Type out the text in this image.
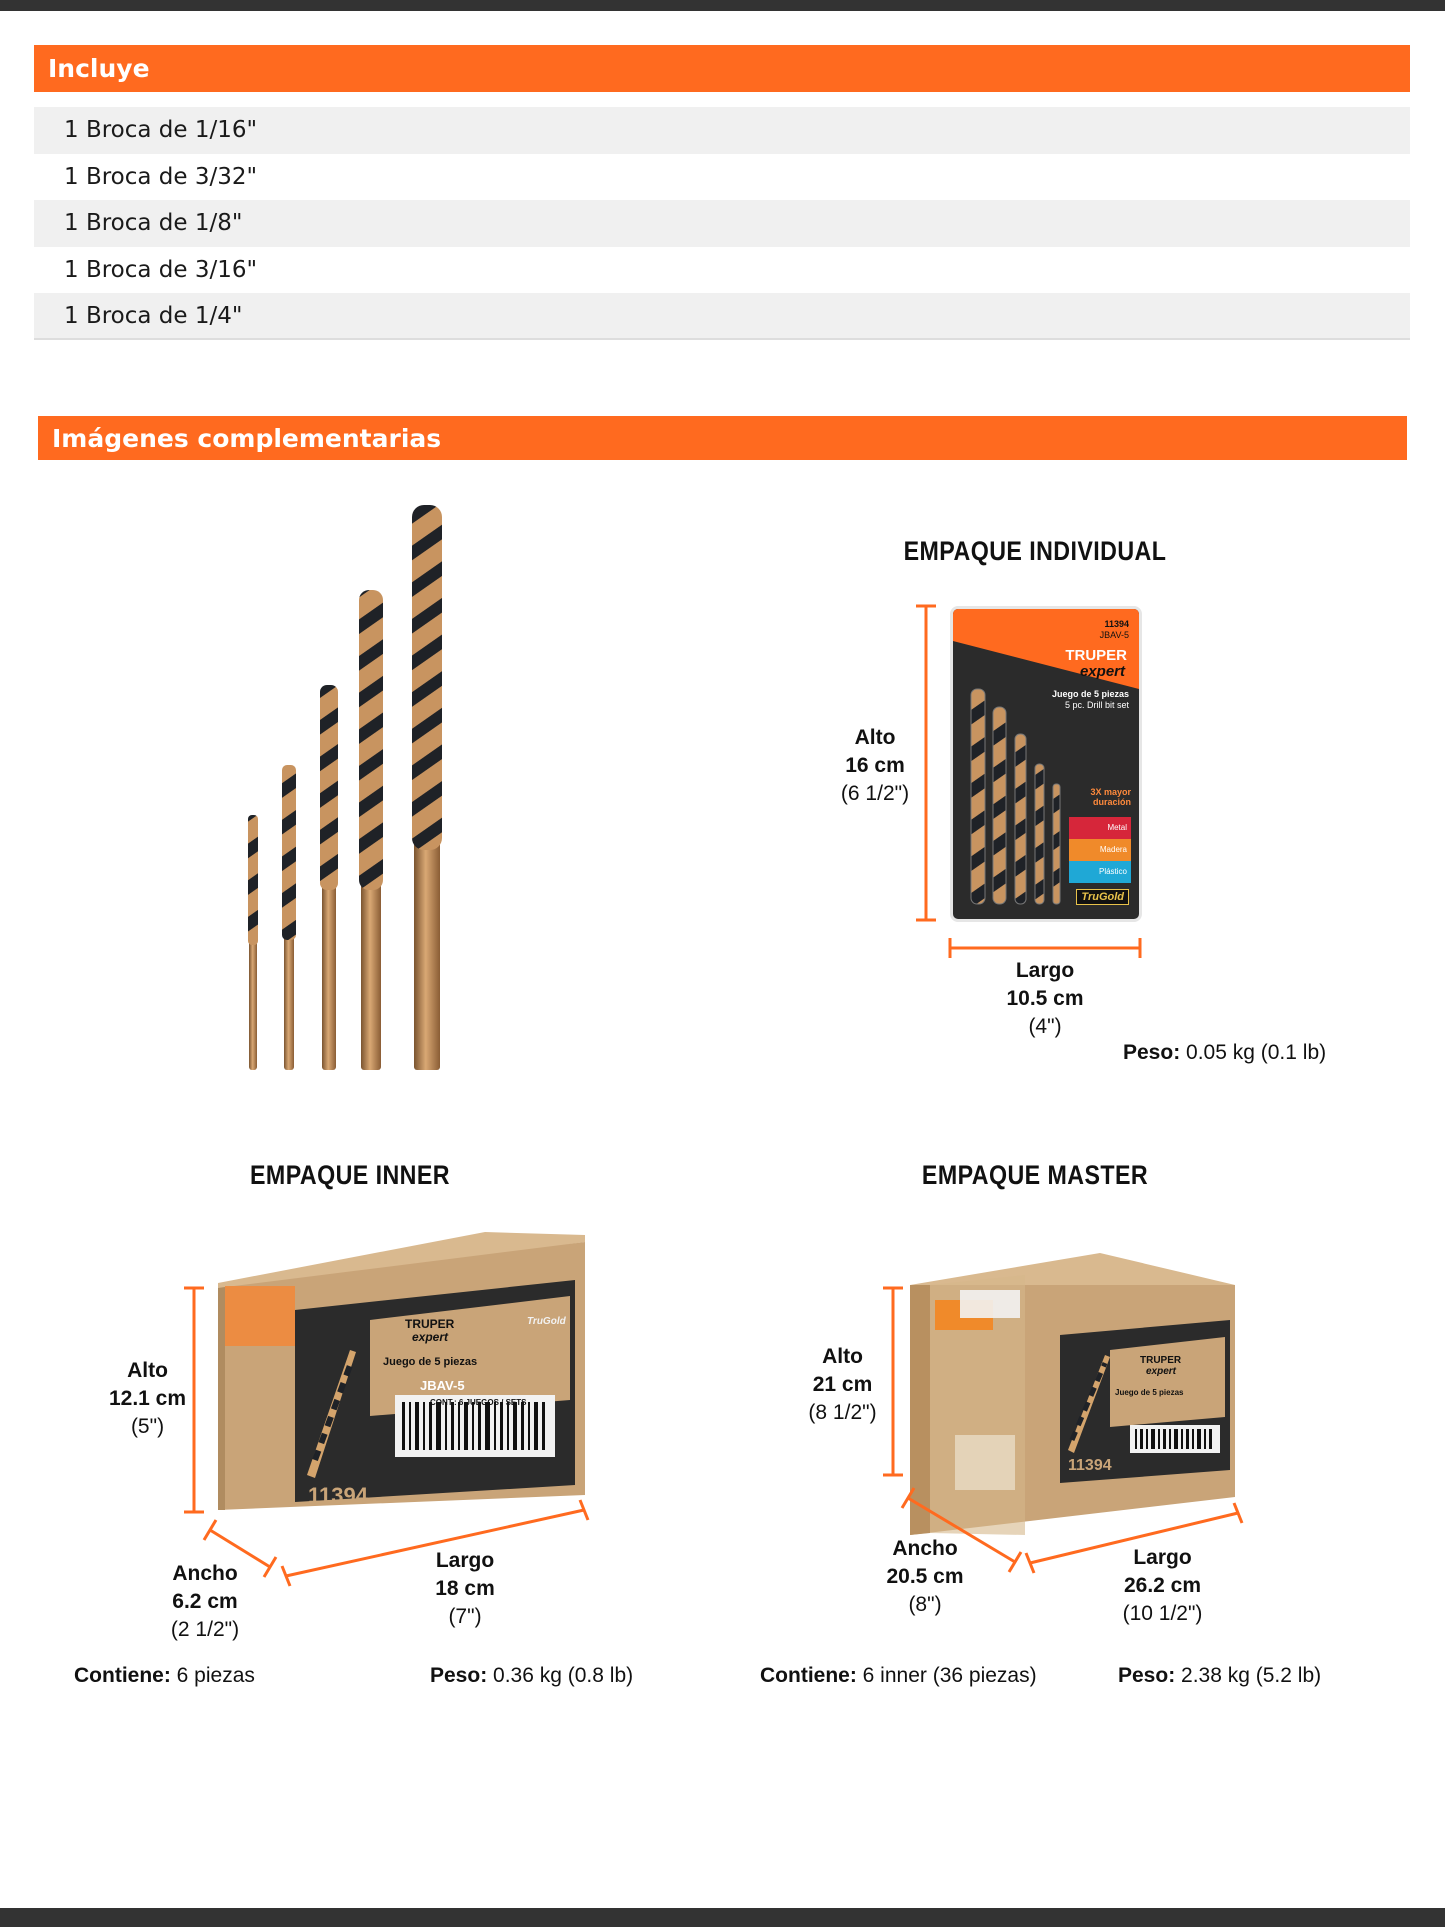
Incluye
1 Broca de 1/16"
1 Broca de 3/32"
1 Broca de 1/8"
1 Broca de 3/16"
1 Broca de 1/4"
Imágenes complementarias
EMPAQUE INDIVIDUAL
11394
JBAV-5
TRUPER
expert
Juego de 5 piezas
5 pc. Drill bit set
3X mayor duración
Metal
Madera
Plástico
TruGold
Alto
16 cm
(6 1/2")
Largo
10.5 cm
(4")
Peso: 0.05 kg (0.1 lb)
EMPAQUE INNER
TRUPER
expert
Juego de 5 piezas
JBAV-5
CONT.: 6 JUEGOS / SETS
11394
TruGold
Alto
12.1 cm
(5")
Ancho
6.2 cm
(2 1/2")
Largo
18 cm
(7")
Contiene: 6 piezas	Peso: 0.36 kg (0.8 lb)
EMPAQUE MASTER
TRUPER
expert
Juego de 5 piezas
11394
Alto
21 cm
(8 1/2")
Ancho
20.5 cm
(8")
Largo
26.2 cm
(10 1/2")
Contiene: 6 inner (36 piezas)	Peso: 2.38 kg (5.2 lb)
